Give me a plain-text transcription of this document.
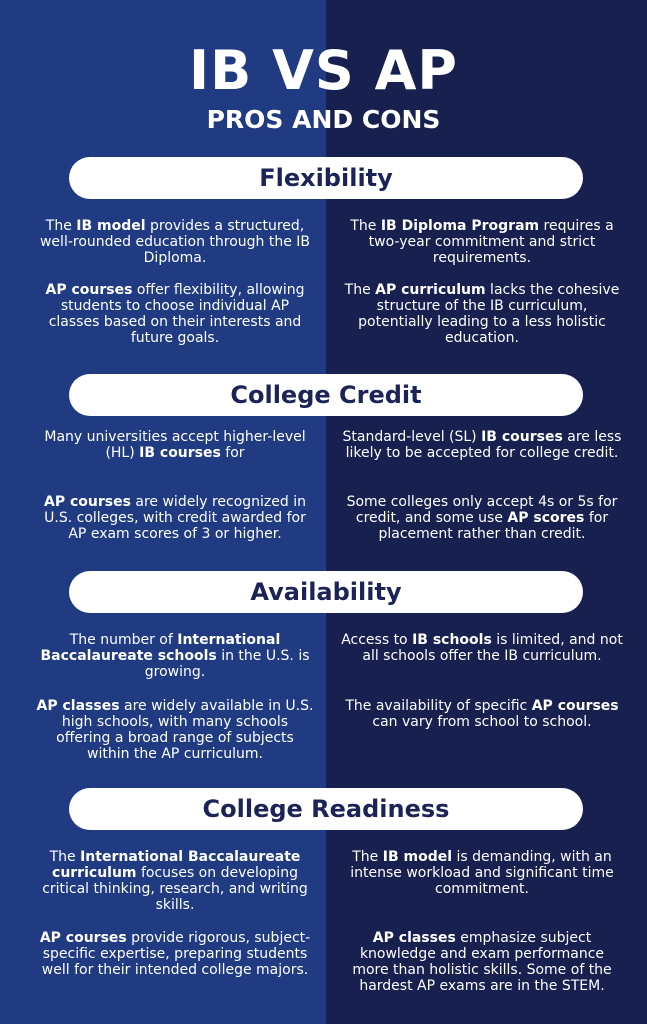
IB VS AP
PROS AND CONS
Flexibility
The IB model provides a structured, well-rounded education through the IB Diploma.
AP courses offer flexibility, allowing students to choose individual AP classes based on their interests and future goals.
The IB Diploma Program requires a two-year commitment and strict requirements.
The AP curriculum lacks the cohesive structure of the IB curriculum, potentially leading to a less holistic education.
College Credit
Many universities accept higher-level (HL) IB courses for
AP courses are widely recognized in U.S. colleges, with credit awarded for AP exam scores of 3 or higher.
Standard-level (SL) IB courses are less likely to be accepted for college credit.
Some colleges only accept 4s or 5s for credit, and some use AP scores for placement rather than credit.
Availability
The number of International Baccalaureate schools in the U.S. is growing.
AP classes are widely available in U.S. high schools, with many schools offering a broad range of subjects within the AP curriculum.
Access to IB schools is limited, and not all schools offer the IB curriculum.
The availability of specific AP courses can vary from school to school.
College Readiness
The International Baccalaureate curriculum focuses on developing critical thinking, research, and writing skills.
AP courses provide rigorous, subject-specific expertise, preparing students well for their intended college majors.
The IB model is demanding, with an intense workload and significant time commitment.
AP classes emphasize subject knowledge and exam performance more than holistic skills. Some of the hardest AP exams are in the STEM.
